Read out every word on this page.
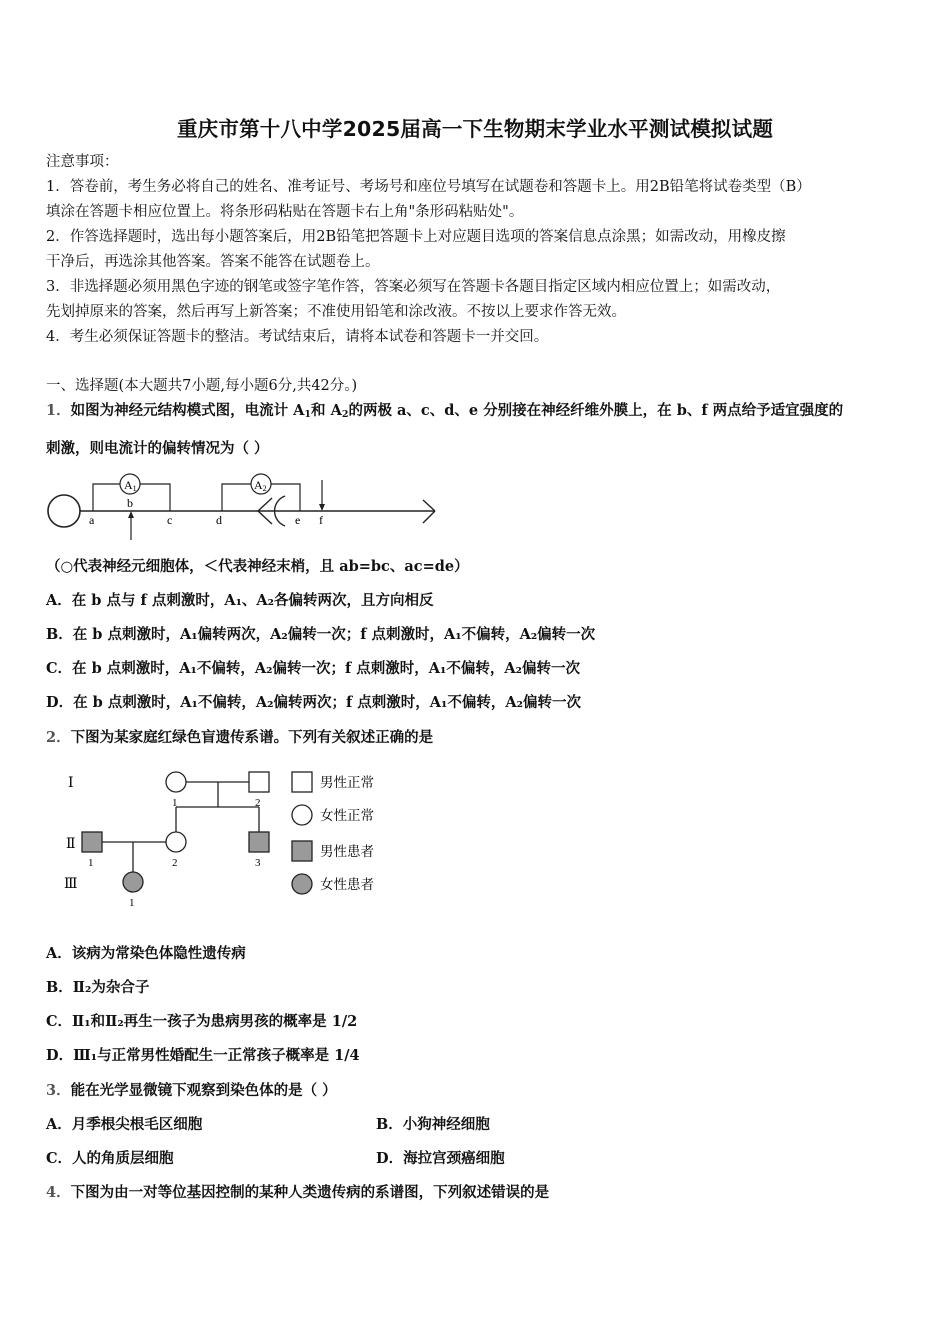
重庆市第十八中学2025届高一下生物期末学业水平测试模拟试题
注意事项：
1．答卷前，考生务必将自己的姓名、准考证号、考场号和座位号填写在试题卷和答题卡上。用2B铅笔将试卷类型（B）
填涂在答题卡相应位置上。将条形码粘贴在答题卡右上角"条形码粘贴处"。
2．作答选择题时，选出每小题答案后，用2B铅笔把答题卡上对应题目选项的答案信息点涂黑；如需改动，用橡皮擦
干净后，再选涂其他答案。答案不能答在试题卷上。
3．非选择题必须用黑色字迹的钢笔或签字笔作答，答案必须写在答题卡各题目指定区域内相应位置上；如需改动，
先划掉原来的答案，然后再写上新答案；不准使用铅笔和涂改液。不按以上要求作答无效。
4．考生必须保证答题卡的整洁。考试结束后，请将本试卷和答题卡一并交回。
一、选择题(本大题共7小题,每小题6分,共42分。)
1．如图为神经元结构模式图，电流计 $A_1$和 $A_2$的两极 a、c、d、e 分别接在神经纤维外膜上，在 b、f 两点给予适宜强度的
刺激，则电流计的偏转情况为（ ）
A1	A2
a
b
c	d	e f
（○代表神经元细胞体，＜代表神经末梢，且 ab=bc、ac=de）
A．在 b 点与 f 点刺激时，A₁、A₂各偏转两次，且方向相反
B．在 b 点刺激时，A₁偏转两次，A₂偏转一次；f 点刺激时，A₁不偏转，A₂偏转一次
C．在 b 点刺激时，A₁不偏转，A₂偏转一次；f 点刺激时，A₁不偏转，A₂偏转一次
D．在 b 点刺激时，A₁不偏转，A₂偏转两次；f 点刺激时，A₁不偏转，A₂偏转一次
2．下图为某家庭红绿色盲遗传系谱。下列有关叙述正确的是
Ⅰ
Ⅱ
Ⅲ
1	2
1	2	3
1
男性正常
女性正常
男性患者
女性患者
A．该病为常染色体隐性遗传病
B．Ⅱ₂为杂合子
C．Ⅱ₁和Ⅱ₂再生一孩子为患病男孩的概率是 1/2
D．Ⅲ₁与正常男性婚配生一正常孩子概率是 1/4
3．能在光学显微镜下观察到染色体的是（ ）
A．月季根尖根毛区细胞	B．小狗神经细胞
C．人的角质层细胞	D．海拉宫颈癌细胞
4．下图为由一对等位基因控制的某种人类遗传病的系谱图，下列叙述错误的是
